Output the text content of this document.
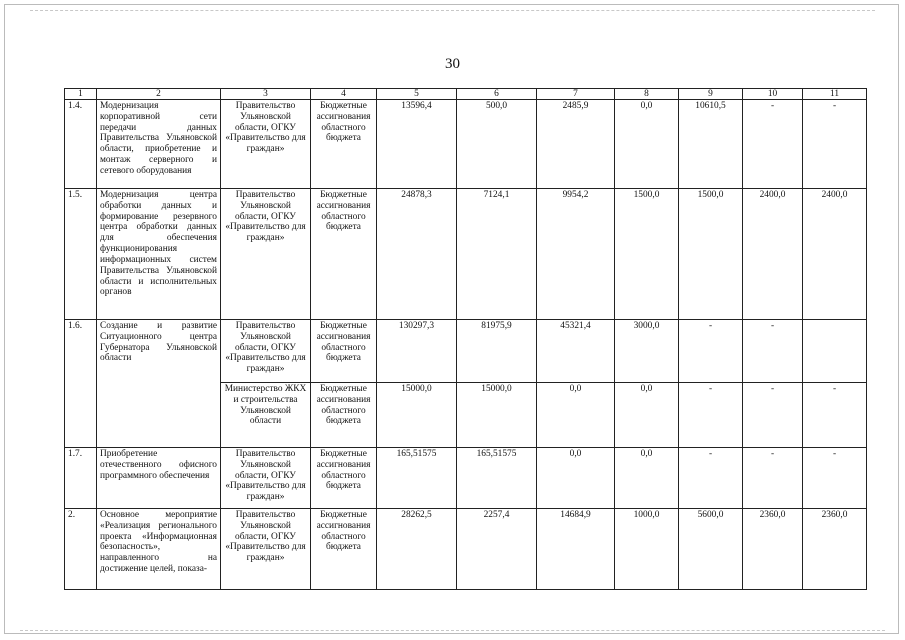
30
1	2	3	4	5	6	7	8	9	10	11
1.4.	Модернизация корпоративной сети передачи данных Правительства Ульяновской области, приобретение и монтаж серверного и сетевого оборудования	Правительство Ульяновской области, ОГКУ «Правительство для граждан»	Бюджетные ассигнования областного бюджета	13596,4	500,0	2485,9	0,0	10610,5	-	-
1.5.	Модернизация центра обработки данных и формирование резервного центра обработки данных для обеспечения функционирования информационных систем Правительства Ульяновской области и исполнительных органов	Правительство Ульяновской области, ОГКУ «Правительство для граждан»	Бюджетные ассигнования областного бюджета	24878,3	7124,1	9954,2	1500,0	1500,0	2400,0	2400,0
1.6.	Создание и развитие Ситуационного центра Губернатора Ульяновской области	Правительство Ульяновской области, ОГКУ «Правительство для граждан»	Бюджетные ассигнования областного бюджета	130297,3	81975,9	45321,4	3000,0	-	-	
		Министерство ЖКХ и строительства Ульяновской области	Бюджетные ассигнования областного бюджета	15000,0	15000,0	0,0	0,0	-	-	-
1.7.	Приобретение отечественного офисного программного обеспечения	Правительство Ульяновской области, ОГКУ «Правительство для граждан»	Бюджетные ассигнования областного бюджета	165,51575	165,51575	0,0	0,0	-	-	-
2.	Основное мероприятие «Реализация регионального проекта «Информационная безопасность», направленного на достижение целей, показа-	Правительство Ульяновской области, ОГКУ «Правительство для граждан»	Бюджетные ассигнования областного бюджета	28262,5	2257,4	14684,9	1000,0	5600,0	2360,0	2360,0
